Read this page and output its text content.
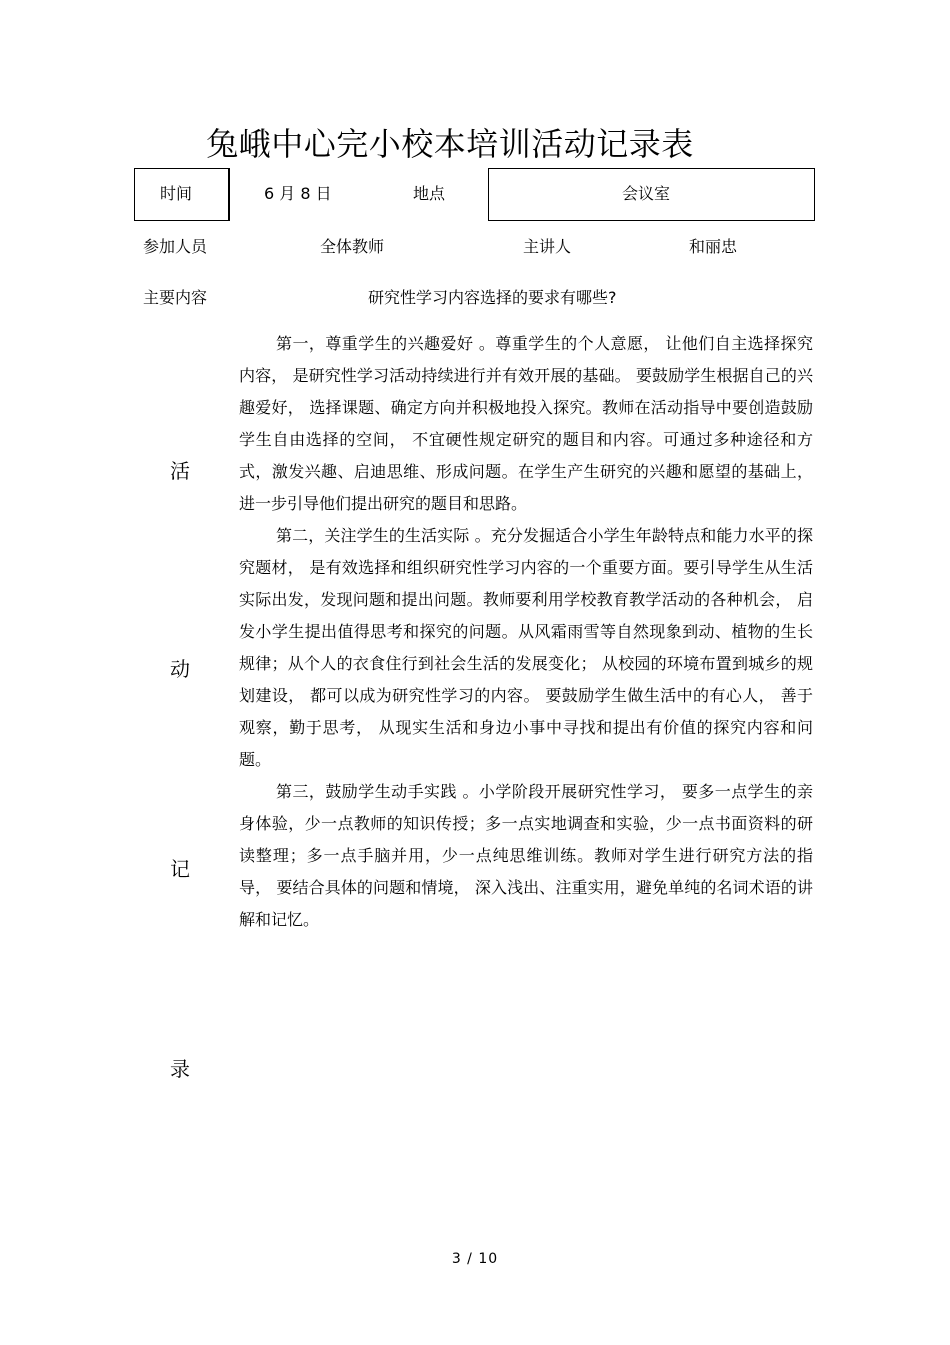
兔峨中心完小校本培训活动记录表
时间	6 月 8 日	地点	会议室
参加人员	全体教师	主讲人	和丽忠
主要内容	研究性学习内容选择的要求有哪些?
活
动
记
录

第一，尊重学生的兴趣爱好 。尊重学生的个人意愿， 让他们自主选择探究内容， 是研究性学习活动持续进行并有效开展的基础。 要鼓励学生根据自己的兴趣爱好， 选择课题、确定方向并积极地投入探究。教师在活动指导中要创造鼓励学生自由选择的空间， 不宜硬性规定研究的题目和内容。可通过多种途径和方式，激发兴趣、启迪思维、形成问题。在学生产生研究的兴趣和愿望的基础上， 进一步引导他们提出研究的题目和思路。

第二，关注学生的生活实际 。充分发掘适合小学生年龄特点和能力水平的探究题材， 是有效选择和组织研究性学习内容的一个重要方面。要引导学生从生活实际出发，发现问题和提出问题。教师要利用学校教育教学活动的各种机会， 启发小学生提出值得思考和探究的问题。从风霜雨雪等自然现象到动、植物的生长规律；从个人的衣食住行到社会生活的发展变化； 从校园的环境布置到城乡的规划建设， 都可以成为研究性学习的内容。 要鼓励学生做生活中的有心人， 善于观察，勤于思考， 从现实生活和身边小事中寻找和提出有价值的探究内容和问题。

第三，鼓励学生动手实践 。小学阶段开展研究性学习， 要多一点学生的亲身体验，少一点教师的知识传授；多一点实地调查和实验，少一点书面资料的研读整理；多一点手脑并用，少一点纯思维训练。教师对学生进行研究方法的指导， 要结合具体的问题和情境， 深入浅出、注重实用，避免单纯的名词术语的讲解和记忆。

3 / 10
